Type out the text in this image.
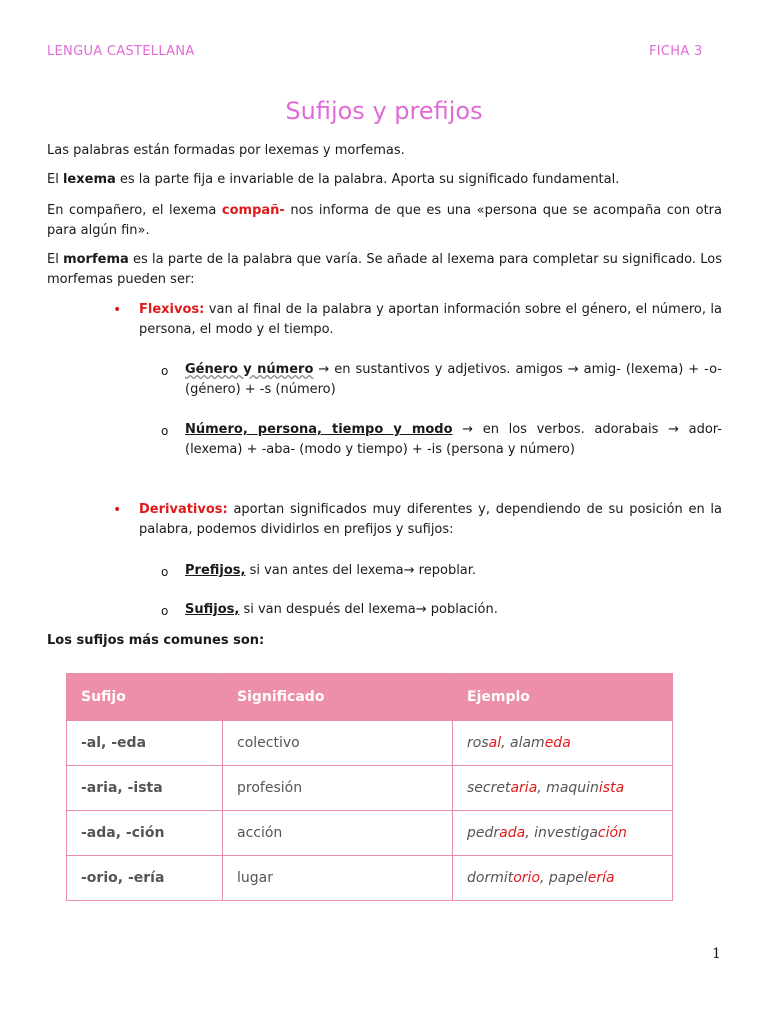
LENGUA CASTELLANA	FICHA 3
Sufijos y prefijos
Las palabras están formadas por lexemas y morfemas.
El lexema es la parte fija e invariable de la palabra. Aporta su significado fundamental.
En compañero, el lexema compañ- nos informa de que es una «persona que se acompaña con otra para algún fin».
El morfema es la parte de la palabra que varía. Se añade al lexema para completar su significado. Los morfemas pueden ser:
• Flexivos: van al final de la palabra y aportan información sobre el género, el número, la persona, el modo y el tiempo.
o Género y número → en sustantivos y adjetivos. amigos → amig- (lexema) + -o- (género) + -s (número)
o Número, persona, tiempo y modo → en los verbos. adorabais → ador- (lexema) + -aba- (modo y tiempo) + -is (persona y número)
• Derivativos: aportan significados muy diferentes y, dependiendo de su posición en la palabra, podemos dividirlos en prefijos y sufijos:
o Prefijos, si van antes del lexema→ repoblar.
o Sufijos, si van después del lexema→ población.
Los sufijos más comunes son:
Sufijo	Significado	Ejemplo
-al, -eda	colectivo	rosal, alameda
-aria, -ista	profesión	secretaria, maquinista
-ada, -ción	acción	pedrada, investigación
-orio, -ería	lugar	dormitorio, papelería
1
